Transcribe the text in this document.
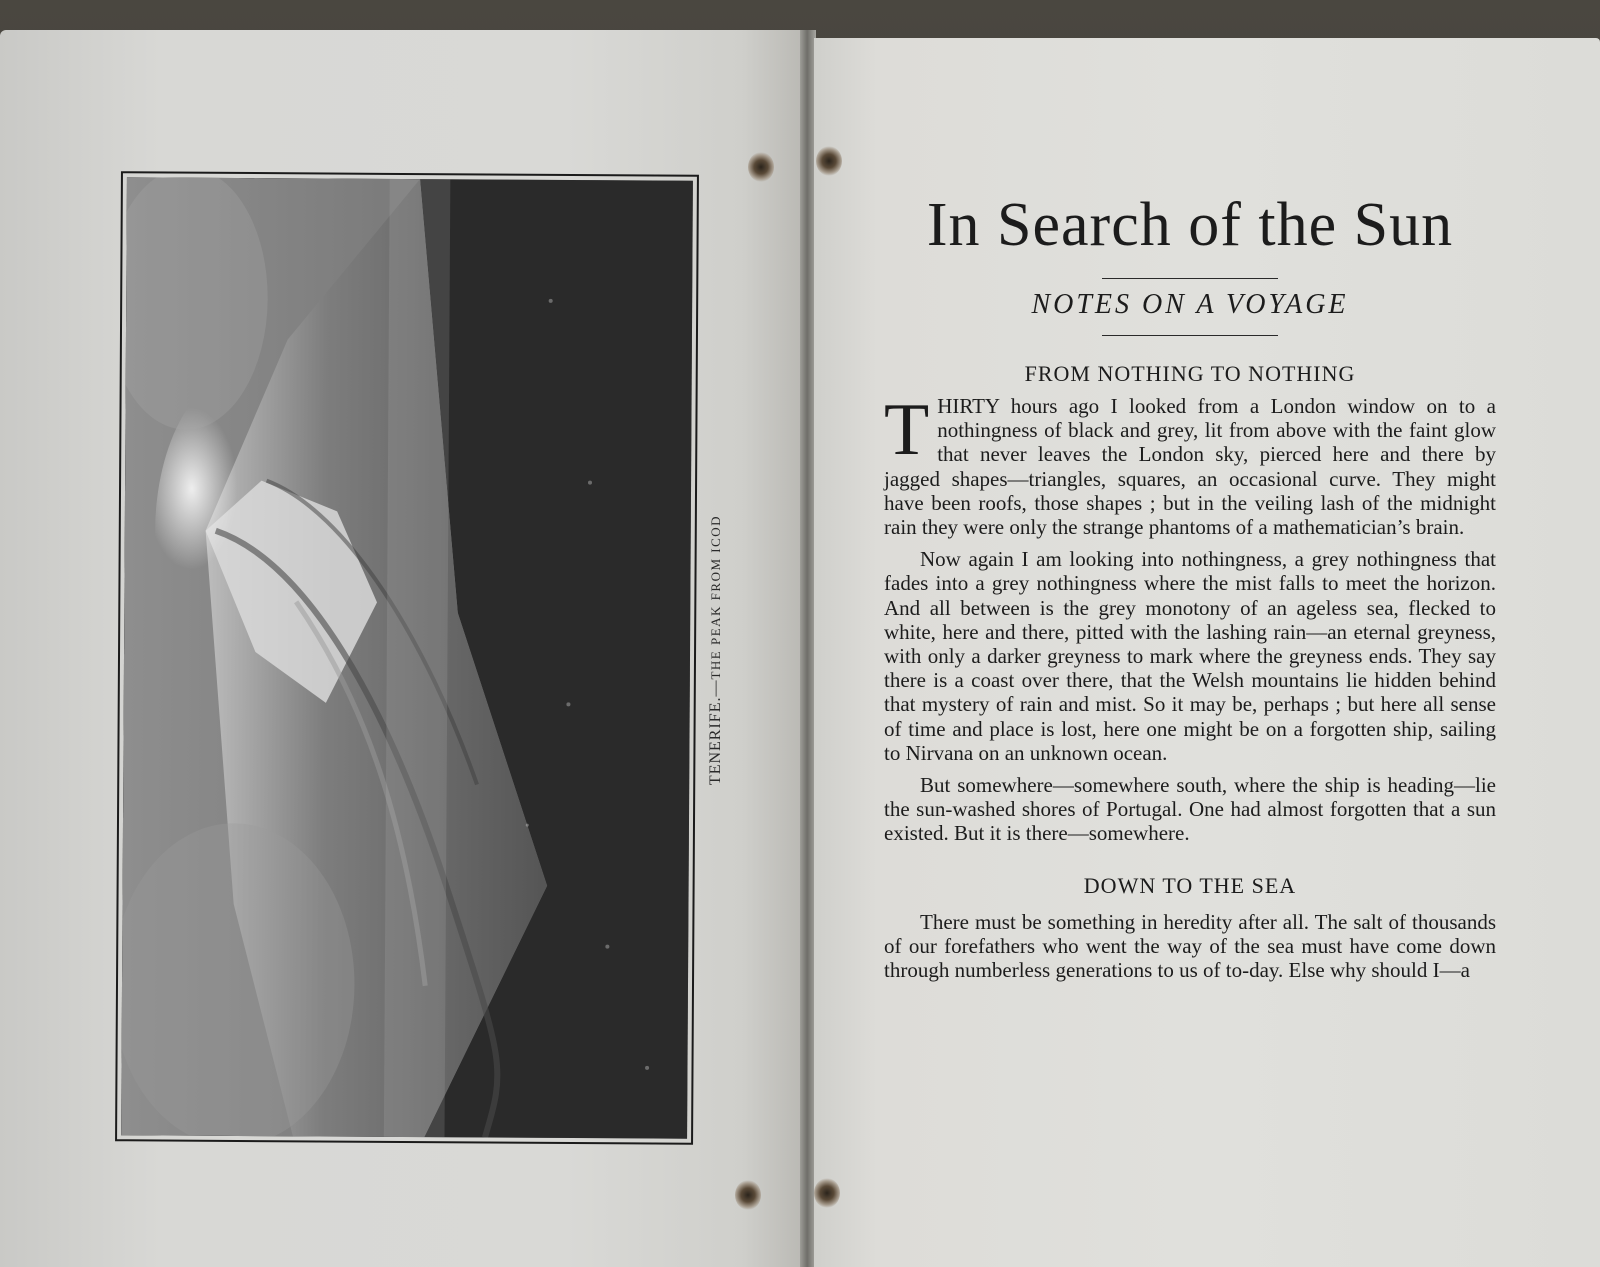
TENERIFE.—THE PEAK FROM ICOD
In Search of the Sun
NOTES ON A VOYAGE
FROM NOTHING TO NOTHING

THIRTY hours ago I looked from a London window on to a nothingness of black and grey, lit from above with the faint glow that never leaves the London sky, pierced here and there by jagged shapes—triangles, squares, an occasional curve. They might have been roofs, those shapes ; but in the veiling lash of the midnight rain they were only the strange phantoms of a mathematician’s brain.

Now again I am looking into nothingness, a grey nothingness that fades into a grey nothingness where the mist falls to meet the horizon. And all between is the grey monotony of an ageless sea, flecked to white, here and there, pitted with the lashing rain—an eternal greyness, with only a darker greyness to mark where the greyness ends. They say there is a coast over there, that the Welsh mountains lie hidden behind that mystery of rain and mist. So it may be, perhaps ; but here all sense of time and place is lost, here one might be on a forgotten ship, sailing to Nirvana on an unknown ocean.

But somewhere—somewhere south, where the ship is heading—lie the sun-washed shores of Portugal. One had almost forgotten that a sun existed. But it is there—somewhere.

DOWN TO THE SEA

There must be something in heredity after all. The salt of thousands of our forefathers who went the way of the sea must have come down through numberless generations to us of to-day. Else why should I—a
